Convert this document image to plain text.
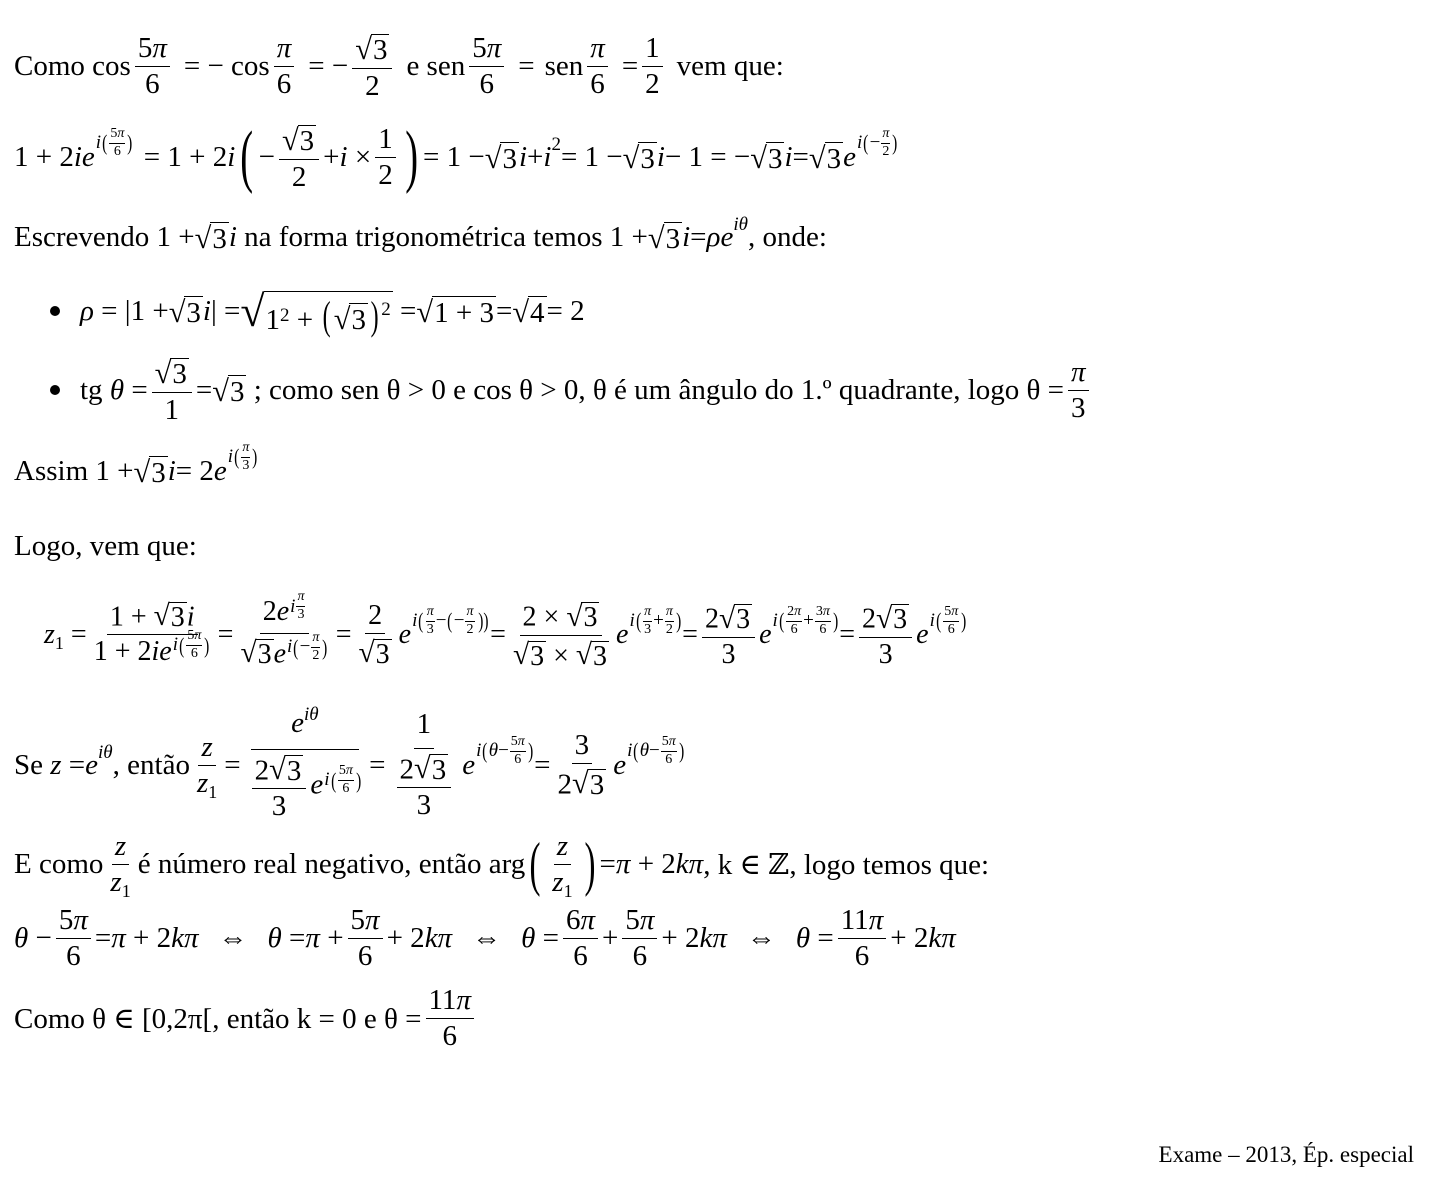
Como $\cos \frac{5\pi}{6}$ = − $\cos \frac{\pi}{6}$ = − $\frac{√ 3}{2}$ e sen $\frac{5\pi}{6}$ = sen $\frac{\pi}{6} = \frac{1}{2}$ vem que:
1 + 2 ie i ( $\frac{5\pi}{6}$ ) = 1 + 2 i ( − $\frac{√ 3}{2} + i \times \frac{1}{2}$ ) = 1 − √ 3 i + i 2 = 1 − √ 3 i − 1 = − √ 3 i = √ 3 e i ( − $\frac{\pi}{2}$ )
Escrevendo 1 + √ 3 i
na forma trigonométrica temos 1 + √ 3 i = ρe iθ , onde:
ρ = |1 + √ 3 i | = √ $1^2$ + ( √ 3 ) $^2$ = √ 1 + 3 = √ 4 = 2
tg $\theta = \frac{√ 3}{1}$ = √ 3
; como sen θ > 0 e cos θ > 0, θ é um ângulo do 1.º quadrante, logo $\theta = \frac{\pi}{3}$
Assim 1 + √ 3 i = 2 e i ( $\frac{\pi}{3}$ )
Logo, vem que:
z $1 = \frac{1 + √ 3 i}{1 + 2ie i ( \frac{5\pi}{6} )} = \frac{2e i \frac{\pi}{3}}{√ 3 e i ( - \frac{\pi}{2} )} = \frac{2}{√ 3}$ e i ( $\frac{\pi}{3}$ − ( − $\frac{\pi}{2}$ )) = $\frac{2 \times √ 3}{√ 3 \times √ 3}$ e i ( $\frac{\pi}{3} + \frac{\pi}{2}$ ) = $\frac{2 √ 3}{3}$ e i ( $\frac{2\pi}{6} + \frac{3\pi}{6}$ ) = $\frac{2 √ 3}{3}$ e i ( $\frac{5\pi}{6}$ )
Se
z = e iθ , então $\frac{z}{z_1} = \frac{e^{i\theta}}{\frac{2 √ 3}{3} e i ( \frac{5\pi}{6} )} = \frac{1}{\frac{2 √ 3}{3}}$ e i ( $\theta - \frac{5\pi}{6}$ ) = $\frac{3}{2 √ 3}$ e i ( $\theta - \frac{5\pi}{6}$ )
E como $\frac{z}{z_1}$ é número real negativo, então arg ( $\frac{z}{z_1}$ ) = π + 2 kπ , k ∈ ℤ, logo temos que:
$\theta - \frac{5\pi}{6} = \pi + 2$ kπ ⇔ $\theta = \pi + \frac{5\pi}{6} + 2$ kπ ⇔ $\theta = \frac{6\pi}{6} + \frac{5\pi}{6} + 2$ kπ ⇔ $\theta = \frac{11\pi}{6} + 2$ kπ
Como θ ∈ [0,2π[, então k = 0 e $\theta = \frac{11\pi}{6}$
Exame – 2013, Ép. especial
